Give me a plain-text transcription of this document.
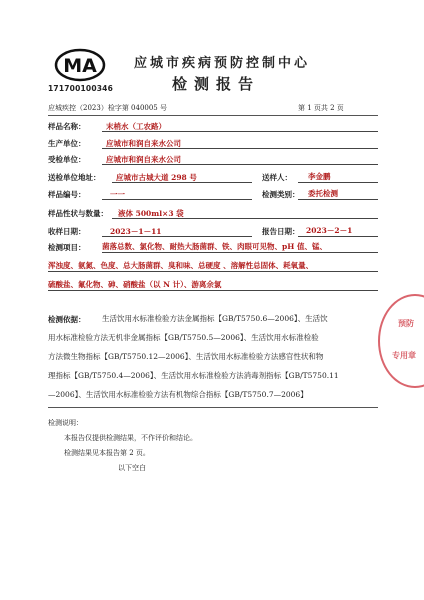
MA
171700100346
应城市疾病预防控制中心
检测报告
应城疾控（2023）检字第 040005 号	第 1 页共 2 页
样品名称：	末梢水（工农路）
生产单位：	应城市和润自来水公司
受检单位：	应城市和润自来水公司
送检单位地址： 应城市古城大道 298 号	送样人： 李金鹏
样品编号：	一一	检测类别： 委托检测
样品性状与数量： 液体 500ml×3 袋
收样日期：	2023－1－11	报告日期： 2023－2－1
检测项目： 菌落总数、氯化物、耐热大肠菌群、铁、肉眼可见物、pH 值、锰、
浑浊度、氨氮、色度、总大肠菌群、臭和味、总硬度 、溶解性总固体、耗氧量、
硫酸盐、氟化物、砷、硝酸盐（以 N 计）、游离余氯
检测依据： 生活饮用水标准检验方法金属指标【GB/T5750.6—2006】、生活饮
用水标准检验方法无机非金属指标【GB/T5750.5—2006】、生活饮用水标准检验
方法微生物指标【GB/T5750.12—2006】、生活饮用水标准检验方法感官性状和物
理指标【GB/T5750.4—2006】、生活饮用水标准检验方法消毒剂指标【GB/T5750.11
—2006】、生活饮用水标准检验方法有机物综合指标【GB/T5750.7—2006】
检测说明：
本报告仅提供检测结果，不作评价和结论。
检测结果见本报告第 2 页。
以下空白
预防
专用章
